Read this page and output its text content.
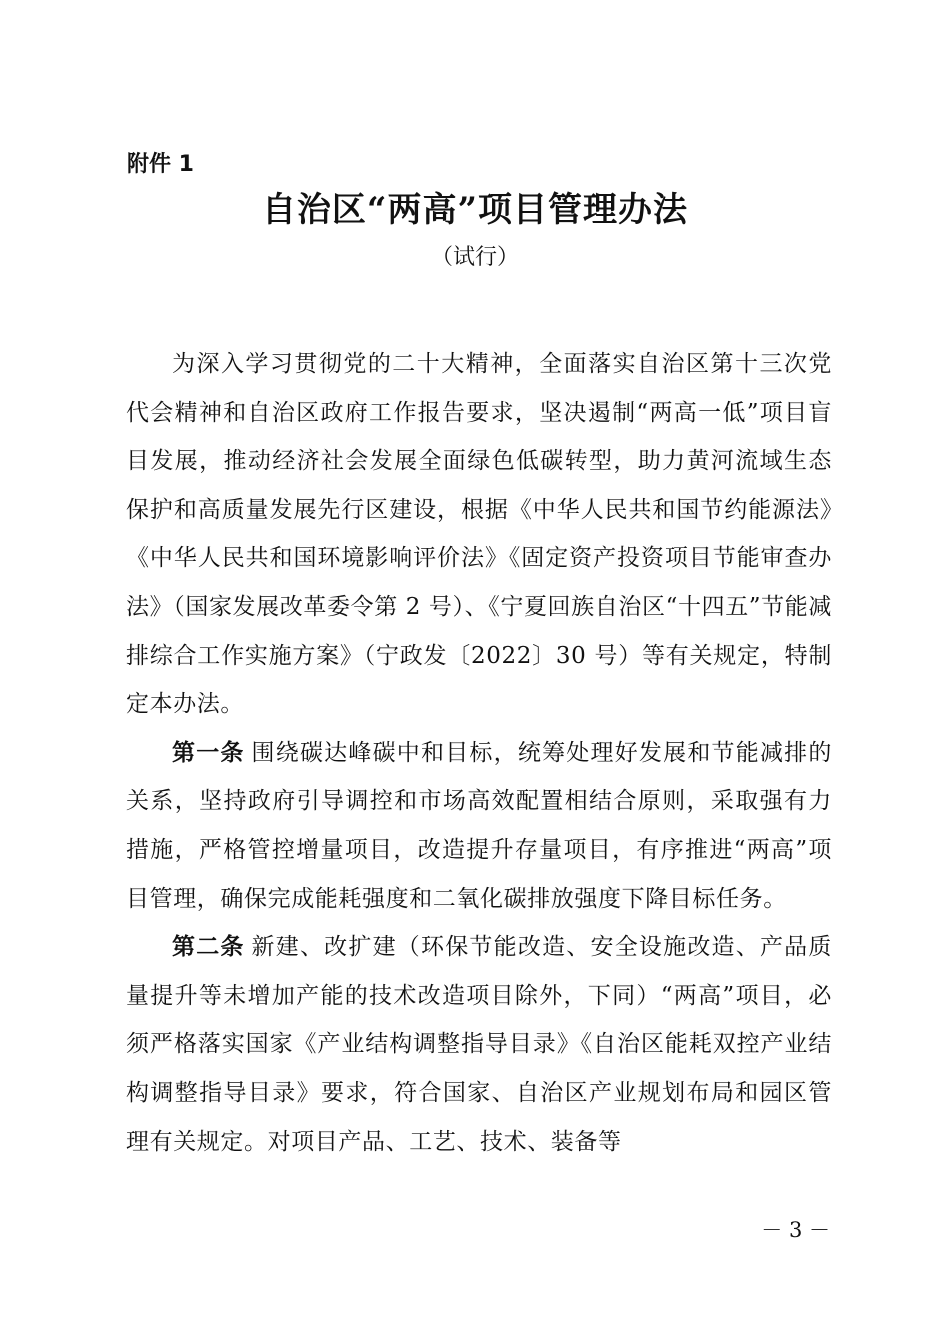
附件 1

自治区“两高”项目管理办法

（试行）

为深入学习贯彻党的二十大精神，全面落实自治区第十三次党代会精神和自治区政府工作报告要求，坚决遏制“两高一低”项目盲目发展，推动经济社会发展全面绿色低碳转型，助力黄河流域生态保护和高质量发展先行区建设，根据《中华人民共和国节约能源法》《中华人民共和国环境影响评价法》《固定资产投资项目节能审查办法》（国家发展改革委令第 2 号）、《宁夏回族自治区“十四五”节能减排综合工作实施方案》（宁政发〔2022〕30 号）等有关规定，特制定本办法。

第一条 围绕碳达峰碳中和目标，统筹处理好发展和节能减排的关系，坚持政府引导调控和市场高效配置相结合原则，采取强有力措施，严格管控增量项目，改造提升存量项目，有序推进“两高”项目管理，确保完成能耗强度和二氧化碳排放强度下降目标任务。

第二条 新建、改扩建（环保节能改造、安全设施改造、产品质量提升等未增加产能的技术改造项目除外，下同）“两高”项目，必须严格落实国家《产业结构调整指导目录》《自治区能耗双控产业结构调整指导目录》要求，符合国家、自治区产业规划布局和园区管理有关规定。对项目产品、工艺、技术、装备等

－ 3 －
